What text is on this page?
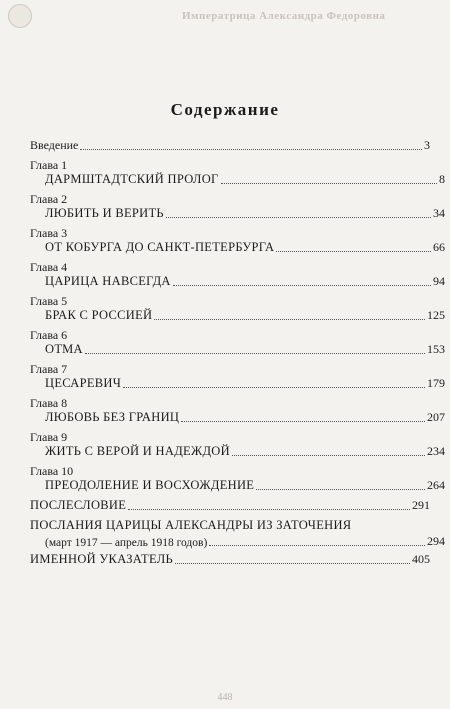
Императрица Александра Федоровна
Содержание
Введение	3
Глава 1
ДАРМШТАДТСКИЙ ПРОЛОГ	8
Глава 2
ЛЮБИТЬ И ВЕРИТЬ	34
Глава 3
ОТ КОБУРГА ДО САНКТ-ПЕТЕРБУРГА	66
Глава 4
ЦАРИЦА НАВСЕГДА	94
Глава 5
БРАК С РОССИЕЙ	125
Глава 6
ОТМА	153
Глава 7
ЦЕСАРЕВИЧ	179
Глава 8
ЛЮБОВЬ БЕЗ ГРАНИЦ	207
Глава 9
ЖИТЬ С ВЕРОЙ И НАДЕЖДОЙ	234
Глава 10
ПРЕОДОЛЕНИЕ И ВОСХОЖДЕНИЕ	264
ПОСЛЕСЛОВИЕ	291
ПОСЛАНИЯ ЦАРИЦЫ АЛЕКСАНДРЫ ИЗ ЗАТОЧЕНИЯ
(март 1917 — апрель 1918 годов)	294
ИМЕННОЙ УКАЗАТЕЛЬ	405
448
